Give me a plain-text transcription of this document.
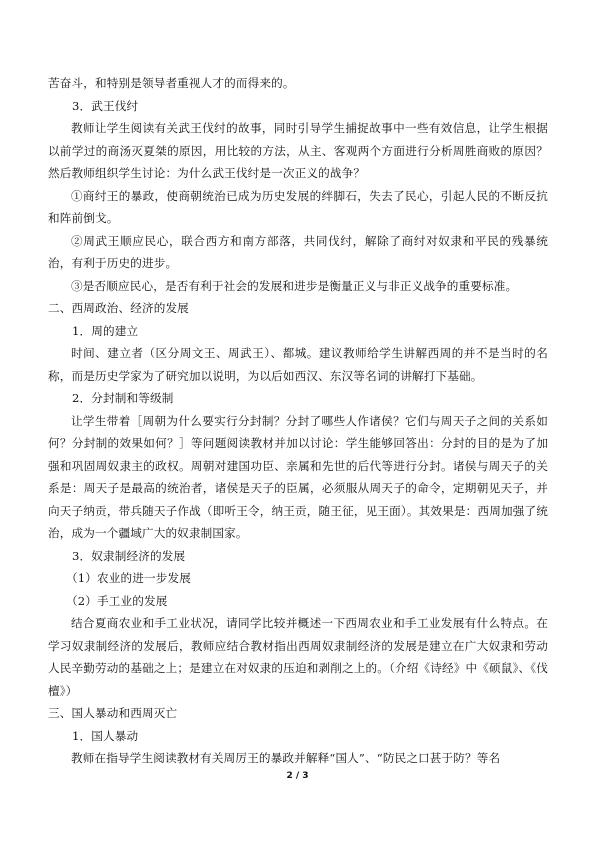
苦奋斗，和特别是领导者重视人才的而得来的。

3．武王伐纣

教师让学生阅读有关武王伐纣的故事，同时引导学生捕捉故事中一些有效信息，让学生根据以前学过的商汤灭夏桀的原因，用比较的方法，从主、客观两个方面进行分析周胜商败的原因？然后教师组织学生讨论：为什么武王伐纣是一次正义的战争？

①商纣王的暴政，使商朝统治已成为历史发展的绊脚石，失去了民心，引起人民的不断反抗和阵前倒戈。

②周武王顺应民心，联合西方和南方部落，共同伐纣，解除了商纣对奴隶和平民的残暴统治，有利于历史的进步。

③是否顺应民心，是否有利于社会的发展和进步是衡量正义与非正义战争的重要标准。

二、西周政治、经济的发展

1．周的建立

时间、建立者（区分周文王、周武王）、都城。建议教师给学生讲解西周的并不是当时的名称，而是历史学家为了研究加以说明，为以后如西汉、东汉等名词的讲解打下基础。

2．分封制和等级制

让学生带着［周朝为什么要实行分封制？分封了哪些人作诸侯？它们与周天子之间的关系如何？分封制的效果如何？］等问题阅读教材并加以讨论：学生能够回答出：分封的目的是为了加强和巩固周奴隶主的政权。周朝对建国功臣、亲属和先世的后代等进行分封。诸侯与周天子的关系是：周天子是最高的统治者，诸侯是天子的臣属，必须服从周天子的命令，定期朝见天子，并向天子纳贡，带兵随天子作战（即听王令，纳王贡，随王征，见王面）。其效果是：西周加强了统治，成为一个疆域广大的奴隶制国家。

3．奴隶制经济的发展

（1）农业的进一步发展

（2）手工业的发展

结合夏商农业和手工业状况，请同学比较并概述一下西周农业和手工业发展有什么特点。在学习奴隶制经济的发展后，教师应结合教材指出西周奴隶制经济的发展是建立在广大奴隶和劳动人民辛勤劳动的基础之上；是建立在对奴隶的压迫和剥削之上的。（介绍《诗经》中《硕鼠》、《伐檀》）

三、国人暴动和西周灭亡

1．国人暴动

教师在指导学生阅读教材有关周厉王的暴政并解释“国人”、“防民之口甚于防？等名

2 / 3
